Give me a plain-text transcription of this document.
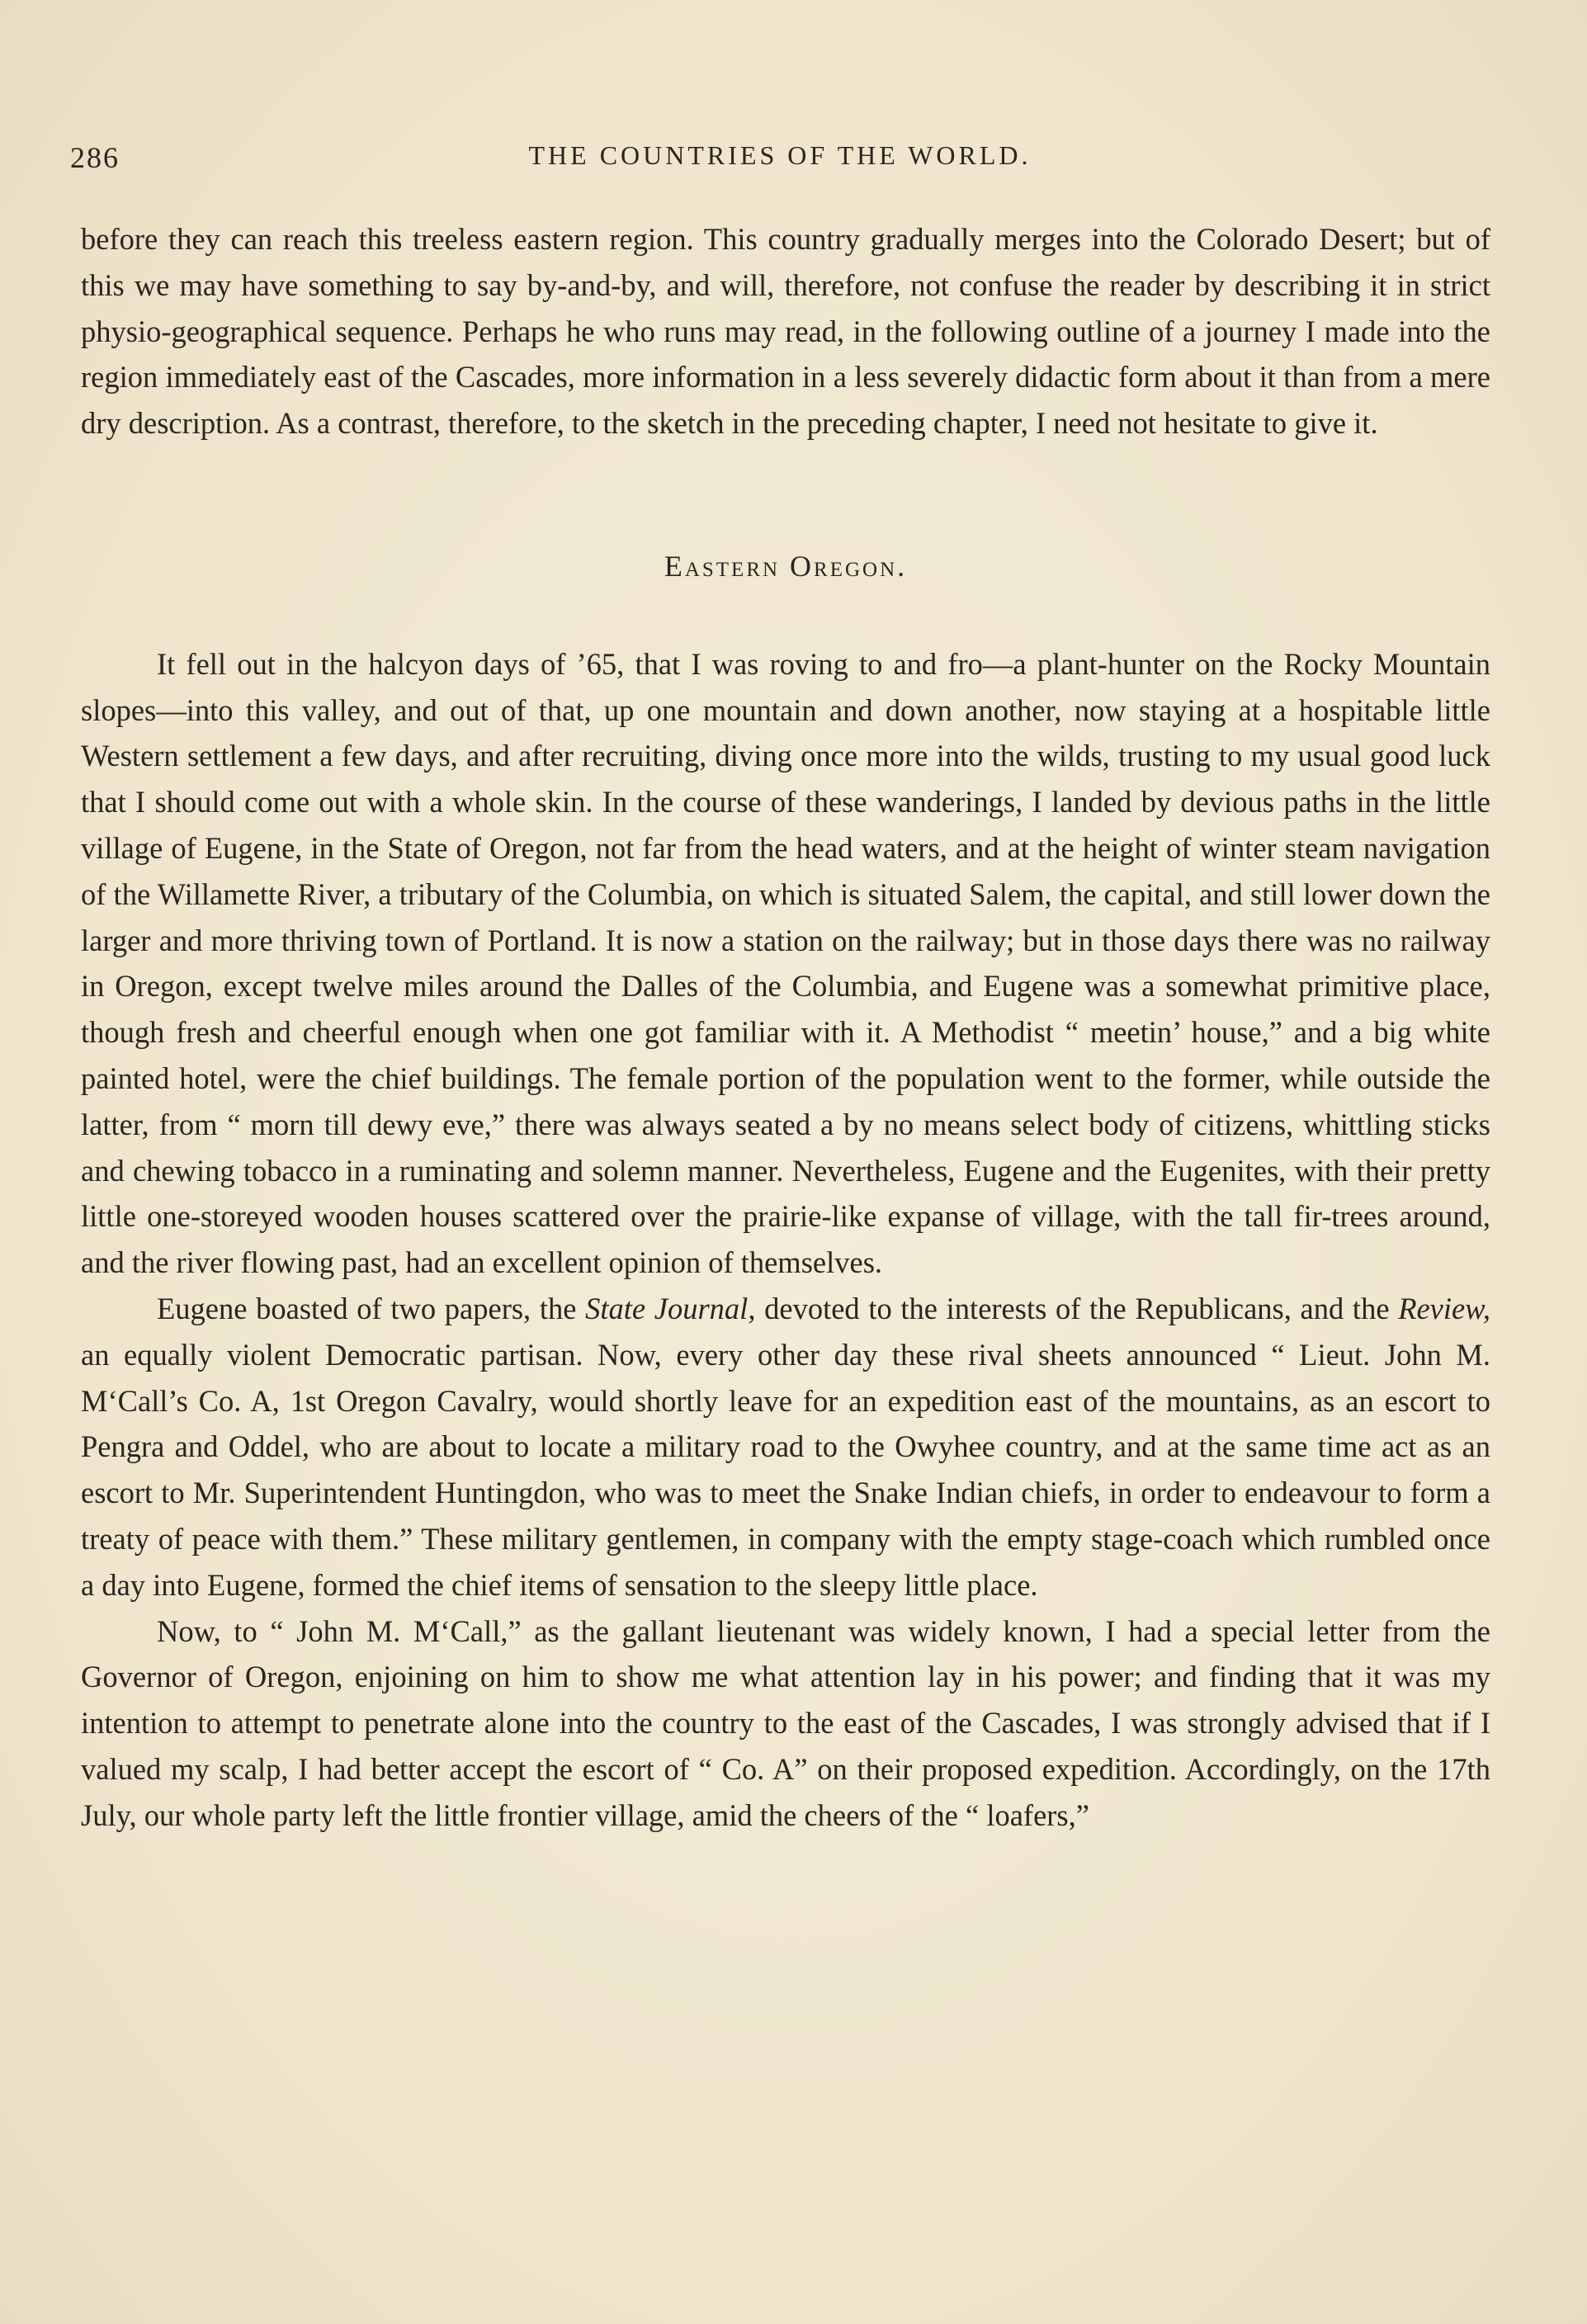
286	THE COUNTRIES OF THE WORLD.

before they can reach this treeless eastern region. This country gradually merges into the Colorado Desert; but of this we may have something to say by-and-by, and will, therefore, not confuse the reader by describing it in strict physio-geographical sequence. Perhaps he who runs may read, in the following outline of a journey I made into the region immediately east of the Cascades, more information in a less severely didactic form about it than from a mere dry description. As a contrast, therefore, to the sketch in the preceding chapter, I need not hesitate to give it.

Eastern Oregon.

It fell out in the halcyon days of ’65, that I was roving to and fro—a plant-hunter on the Rocky Mountain slopes—into this valley, and out of that, up one mountain and down another, now staying at a hospitable little Western settlement a few days, and after recruiting, diving once more into the wilds, trusting to my usual good luck that I should come out with a whole skin. In the course of these wanderings, I landed by devious paths in the little village of Eugene, in the State of Oregon, not far from the head waters, and at the height of winter steam navigation of the Willamette River, a tributary of the Columbia, on which is situated Salem, the capital, and still lower down the larger and more thriving town of Portland. It is now a station on the railway; but in those days there was no railway in Oregon, except twelve miles around the Dalles of the Columbia, and Eugene was a somewhat primitive place, though fresh and cheerful enough when one got familiar with it. A Methodist “ meetin’ house,” and a big white painted hotel, were the chief buildings. The female portion of the population went to the former, while outside the latter, from “ morn till dewy eve,” there was always seated a by no means select body of citizens, whittling sticks and chewing tobacco in a ruminating and solemn manner. Nevertheless, Eugene and the Eugenites, with their pretty little one-storeyed wooden houses scattered over the prairie-like expanse of village, with the tall fir-trees around, and the river flowing past, had an excellent opinion of themselves.

Eugene boasted of two papers, the State Journal, devoted to the interests of the Republicans, and the Review, an equally violent Democratic partisan. Now, every other day these rival sheets announced “ Lieut. John M. M‘Call’s Co. A, 1st Oregon Cavalry, would shortly leave for an expedition east of the mountains, as an escort to Pengra and Oddel, who are about to locate a military road to the Owyhee country, and at the same time act as an escort to Mr. Superintendent Huntingdon, who was to meet the Snake Indian chiefs, in order to endeavour to form a treaty of peace with them.” These military gentlemen, in company with the empty stage-coach which rumbled once a day into Eugene, formed the chief items of sensation to the sleepy little place.

Now, to “ John M. M‘Call,” as the gallant lieutenant was widely known, I had a special letter from the Governor of Oregon, enjoining on him to show me what attention lay in his power; and finding that it was my intention to attempt to penetrate alone into the country to the east of the Cascades, I was strongly advised that if I valued my scalp, I had better accept the escort of “ Co. A” on their proposed expedition. Accordingly, on the 17th July, our whole party left the little frontier village, amid the cheers of the “ loafers,”
